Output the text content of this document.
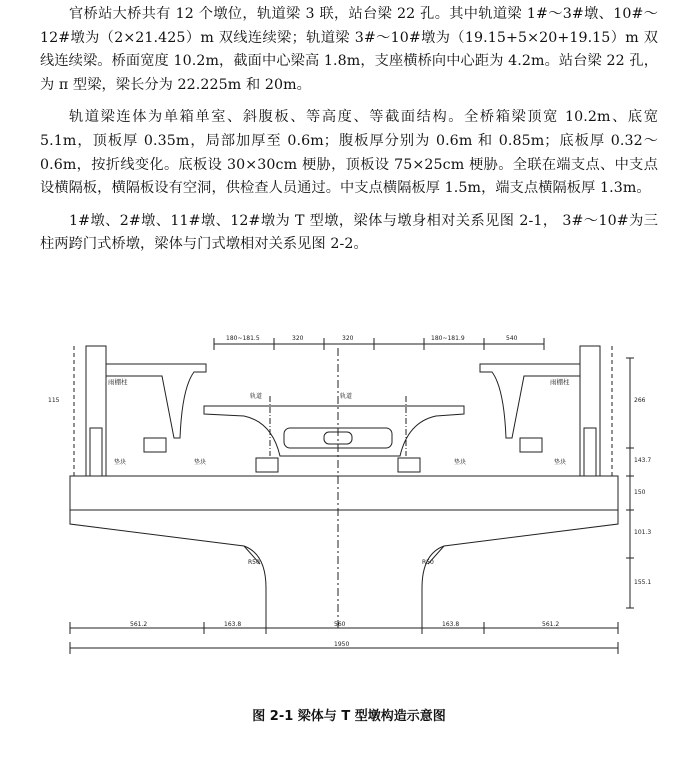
官桥站大桥共有 12 个墩位，轨道梁 3 联，站台梁 22 孔。其中轨道梁 1#～3#墩、10#～12#墩为（2×21.425）m 双线连续梁；轨道梁 3#～10#墩为（19.15+5×20+19.15）m 双线连续梁。桥面宽度 10.2m，截面中心梁高 1.8m，支座横桥向中心距为 4.2m。站台梁 22 孔，为 π 型梁，梁长分为 22.225m 和 20m。

轨道梁连体为单箱单室、斜腹板、等高度、等截面结构。全桥箱梁顶宽 10.2m、底宽 5.1m，顶板厚 0.35m，局部加厚至 0.6m；腹板厚分别为 0.6m 和 0.85m；底板厚 0.32～0.6m，按折线变化。底板设 30×30cm 梗胁，顶板设 75×25cm 梗胁。全联在端支点、中支点设横隔板，横隔板设有空洞，供检查人员通过。中支点横隔板厚 1.5m，端支点横隔板厚 1.3m。

1#墩、2#墩、11#墩、12#墩为 T 型墩，梁体与墩身相对关系见图 2-1， 3#～10#为三柱两跨门式桥墩，梁体与门式墩相对关系见图 2-2。

180~181.5	320	320	180~181.9	540
雨棚柱	雨棚柱
垫块	垫块
轨道	轨道
垫块	垫块
R50	R50
266
143.7
150
101.3
155.1
115
561.2	163.8	560	163.8	561.2
1950
图 2-1 梁体与 T 型墩构造示意图
